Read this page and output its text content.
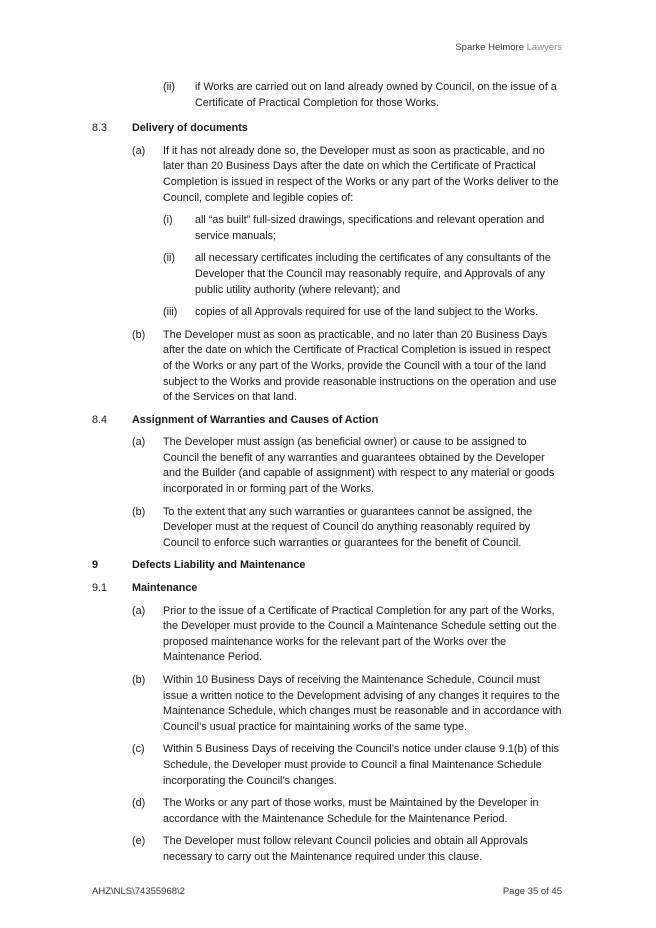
Sparke Helmore Lawyers
(ii) if Works are carried out on land already owned by Council, on the issue of a Certificate of Practical Completion for those Works.
8.3 Delivery of documents
(a) If it has not already done so, the Developer must as soon as practicable, and no later than 20 Business Days after the date on which the Certificate of Practical Completion is issued in respect of the Works or any part of the Works deliver to the Council, complete and legible copies of:
(i) all “as built” full-sized drawings, specifications and relevant operation and service manuals;
(ii) all necessary certificates including the certificates of any consultants of the Developer that the Council may reasonably require, and Approvals of any public utility authority (where relevant); and
(iii) copies of all Approvals required for use of the land subject to the Works.
(b) The Developer must as soon as practicable, and no later than 20 Business Days after the date on which the Certificate of Practical Completion is issued in respect of the Works or any part of the Works, provide the Council with a tour of the land subject to the Works and provide reasonable instructions on the operation and use of the Services on that land.
8.4 Assignment of Warranties and Causes of Action
(a) The Developer must assign (as beneficial owner) or cause to be assigned to Council the benefit of any warranties and guarantees obtained by the Developer and the Builder (and capable of assignment) with respect to any material or goods incorporated in or forming part of the Works.
(b) To the extent that any such warranties or guarantees cannot be assigned, the Developer must at the request of Council do anything reasonably required by Council to enforce such warranties or guarantees for the benefit of Council.
9	Defects Liability and Maintenance
9.1 Maintenance
(a) Prior to the issue of a Certificate of Practical Completion for any part of the Works, the Developer must provide to the Council a Maintenance Schedule setting out the proposed maintenance works for the relevant part of the Works over the Maintenance Period.
(b) Within 10 Business Days of receiving the Maintenance Schedule, Council must issue a written notice to the Development advising of any changes it requires to the Maintenance Schedule, which changes must be reasonable and in accordance with Council’s usual practice for maintaining works of the same type.
(c) Within 5 Business Days of receiving the Council’s notice under clause 9.1(b) of this Schedule, the Developer must provide to Council a final Maintenance Schedule incorporating the Council’s changes.
(d) The Works or any part of those works, must be Maintained by the Developer in accordance with the Maintenance Schedule for the Maintenance Period.
(e) The Developer must follow relevant Council policies and obtain all Approvals necessary to carry out the Maintenance required under this clause.
AHZ\NLS\74355968\2	Page 35 of 45
